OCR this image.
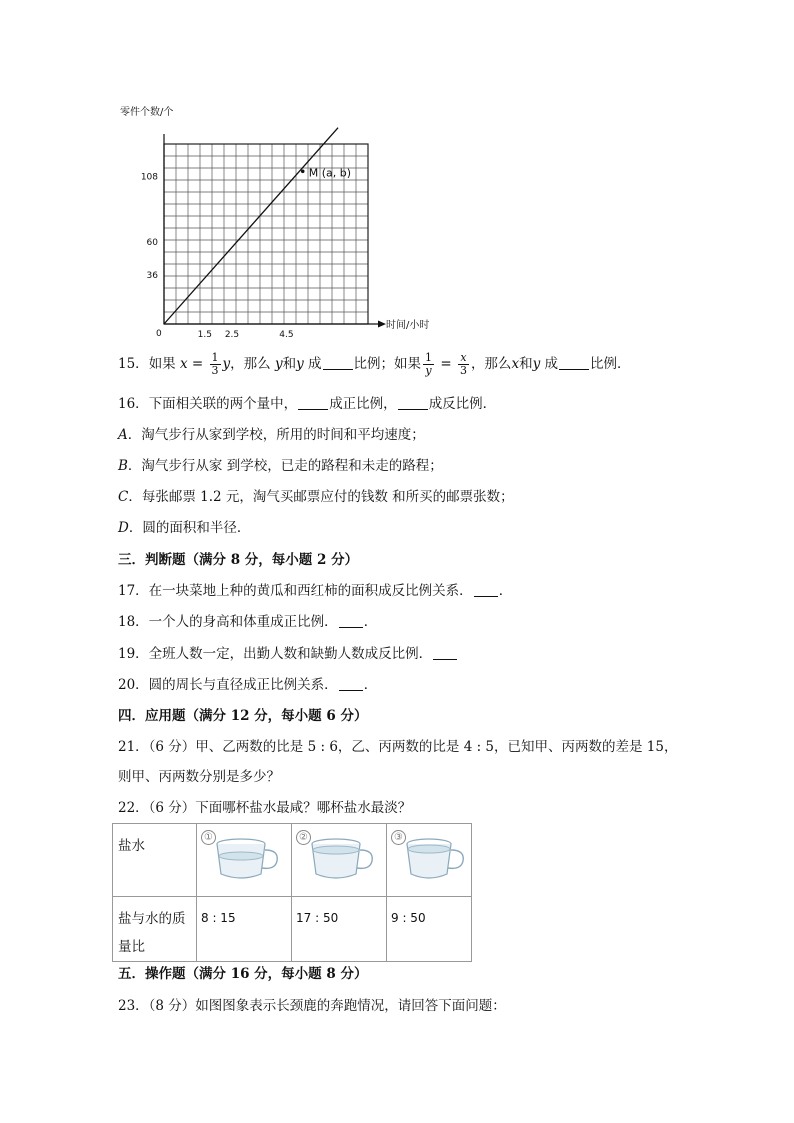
零件个数/个
时间/小时
0	1.5 2.5	4.5
36
60
108	M (a, b)
15．如果 $x = \frac{1}{3}$ y，那么 y和y 成 比例；如果 $\frac{1}{y} = \frac{x}{3}$ ，那么x和y 成 比例．
16．下面相关联的两个量中， 成正比例， 成反比例．
A．淘气步行从家到学校，所用的时间和平均速度；
B．淘气步行从家 到学校，已走的路程和未走的路程；
C．每张邮票 1.2 元，淘气买邮票应付的钱数 和所买的邮票张数；
D．圆的面积和半径．
三．判断题（满分 8 分，每小题 2 分）
17．在一块菜地上种的黄瓜和西红柿的面积成反比例关系． ．
18．一个人的身高和体重成正比例． ．
19．全班人数一定，出勤人数和缺勤人数成反比例．
20．圆的周长与直径成正比例关系． ．
四．应用题（满分 12 分，每小题 6 分）
21．（6 分）甲、乙两数的比是 5 : 6，乙、丙两数的比是 4 : 5，已知甲、丙两数的差是 15，
则甲、丙两数分别是多少？
22．（6 分）下面哪杯盐水最咸？哪杯盐水最淡？
盐水	①	②	③

盐与水的质量比	8 : 15	17 : 50	9 : 50
五．操作题（满分 16 分，每小题 8 分）
23．（8 分）如图图象表示长颈鹿的奔跑情况，请回答下面问题：
